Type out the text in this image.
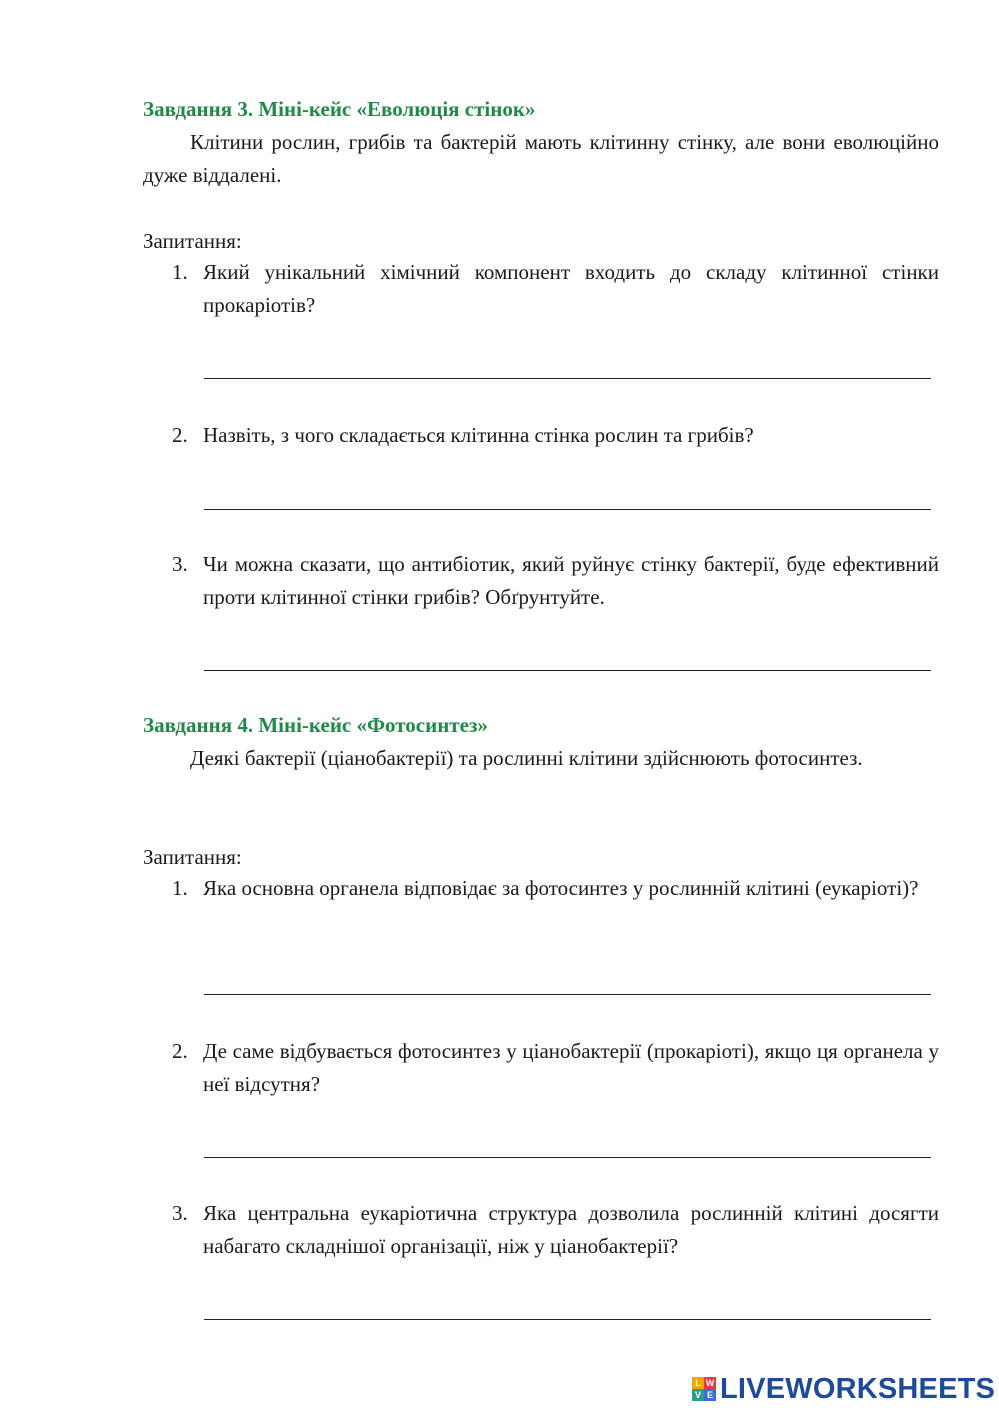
Завдання 3. Міні-кейс «Еволюція стінок»

Клітини рослин, грибів та бактерій мають клітинну стінку, але вони еволюційно дуже віддалені.

Запитання:
1. Який унікальний хімічний компонент входить до складу клітинної стінки прокаріотів?
2. Назвіть, з чого складається клітинна стінка рослин та грибів?
3. Чи можна сказати, що антибіотик, який руйнує стінку бактерії, буде ефективний проти клітинної стінки грибів? Обґрунтуйте.
Завдання 4. Міні-кейс «Фотосинтез»

Деякі бактерії (ціанобактерії) та рослинні клітини здійснюють фотосинтез.

Запитання:
1. Яка основна органела відповідає за фотосинтез у рослинній клітині (еукаріоті)?
2. Де саме відбувається фотосинтез у ціанобактерії (прокаріоті), якщо ця органела у неї відсутня?
3. Яка центральна еукаріотична структура дозволила рослинній клітині досягти набагато складнішої організації, ніж у ціанобактерії?
L W
V E LIVEWORKSHEETS
